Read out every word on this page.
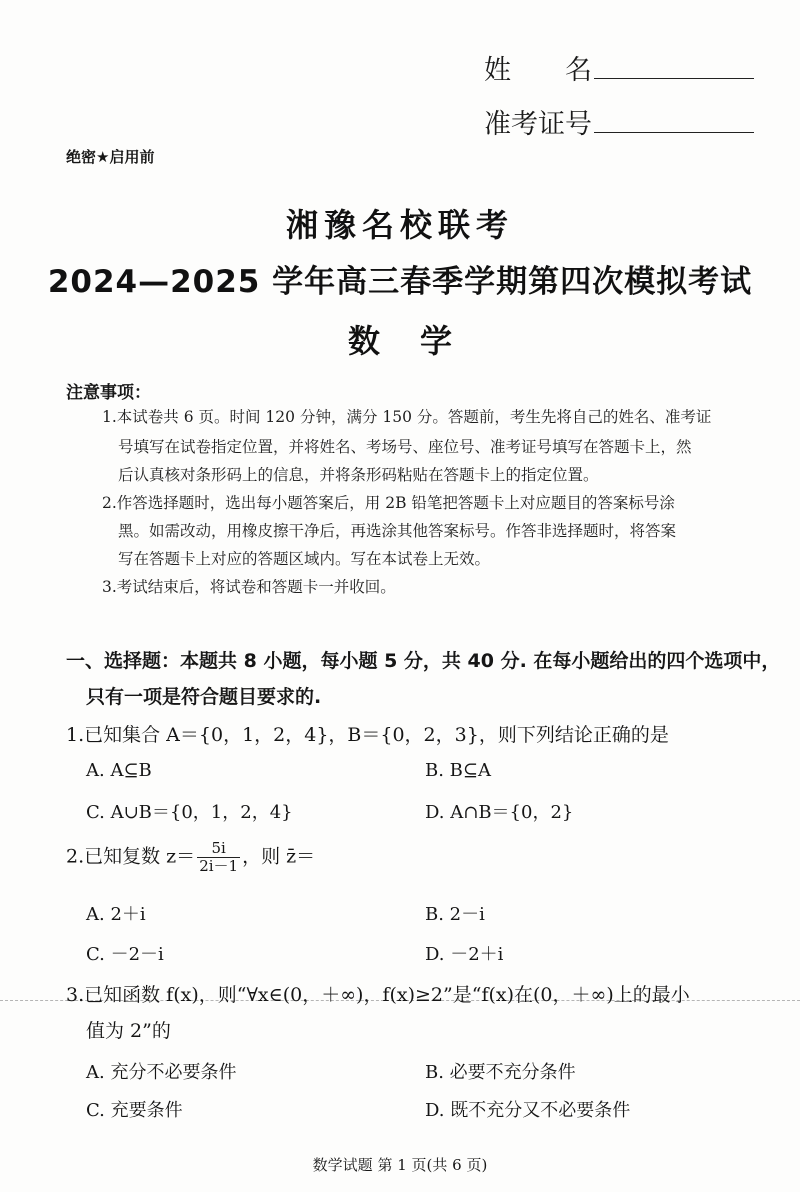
姓　　名
准考证号
绝密★启用前
湘豫名校联考
2024—2025 学年高三春季学期第四次模拟考试
数学
注意事项：
1.本试卷共 6 页。时间 120 分钟，满分 150 分。答题前，考生先将自己的姓名、准考证
号填写在试卷指定位置，并将姓名、考场号、座位号、准考证号填写在答题卡上，然
后认真核对条形码上的信息，并将条形码粘贴在答题卡上的指定位置。
2.作答选择题时，选出每小题答案后，用 2B 铅笔把答题卡上对应题目的答案标号涂
黑。如需改动，用橡皮擦干净后，再选涂其他答案标号。作答非选择题时，将答案
写在答题卡上对应的答题区域内。写在本试卷上无效。
3.考试结束后，将试卷和答题卡一并收回。
一、选择题：本题共 8 小题，每小题 5 分，共 40 分. 在每小题给出的四个选项中，
只有一项是符合题目要求的.
1.已知集合 A＝{0，1，2，4}，B＝{0，2，3}，则下列结论正确的是
A. A⊆B	B. B⊆A
C. A∪B＝{0，1，2，4}	D. A∩B＝{0，2}
2.已知复数 $z= \frac{5i}{2i-1}$ ，则 z̄＝
A. 2＋i	B. 2－i
C. －2－i	D. －2＋i
3.已知函数 f(x)，则“∀x∈(0，＋∞)，f(x)≥2”是“f(x)在(0，＋∞)上的最小
值为 2”的
A. 充分不必要条件	B. 必要不充分条件
C. 充要条件	D. 既不充分又不必要条件
数学试题 第 1 页(共 6 页)
